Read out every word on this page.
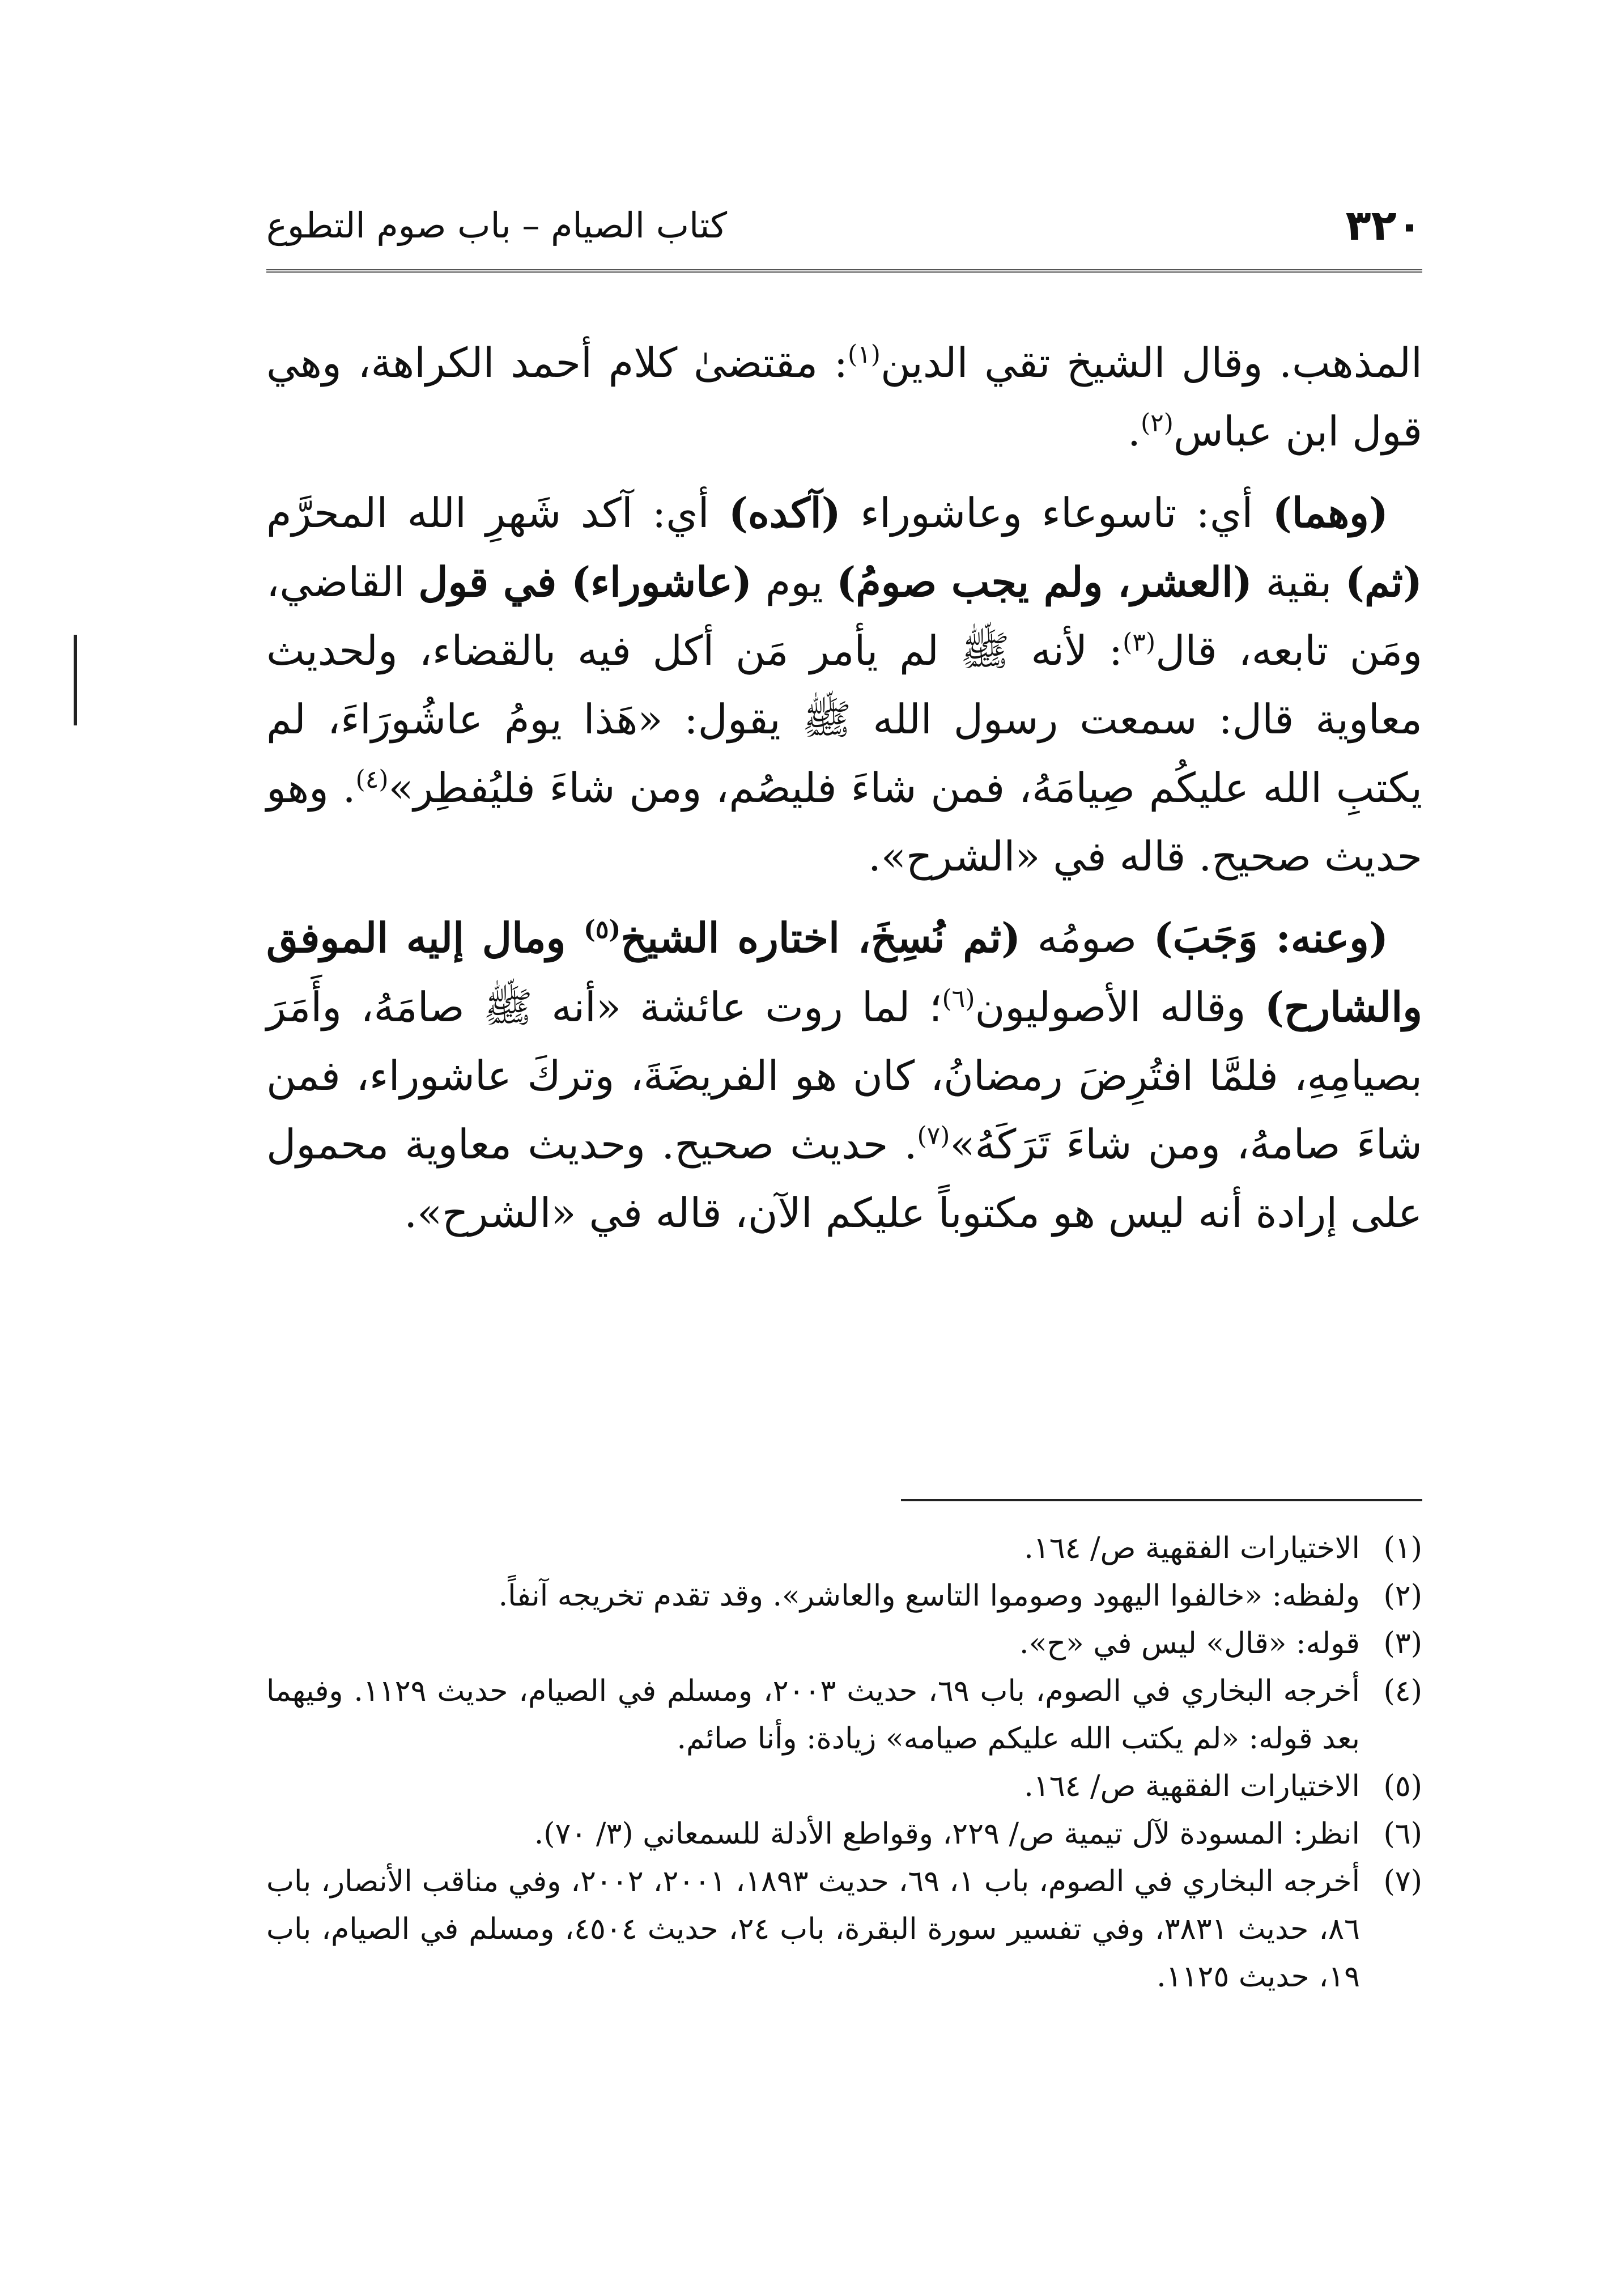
٣٢٠
كتاب الصيام – باب صوم التطوع

المذهب. وقال الشيخ تقي الدين$^{(١)}$: مقتضىٰ كلام أحمد الكراهة، وهي قول ابن عباس$^{(٢)}$.

(وهما) أي: تاسوعاء وعاشوراء (آكده) أي: آكد شَهرِ الله المحرَّم (ثم) بقية (العشر، ولم يجب صومُ) يوم (عاشوراء) في قول القاضي، ومَن تابعه، قال$^{(٣)}$: لأنه ﷺ لم يأمر مَن أكل فيه بالقضاء، ولحديث معاوية قال: سمعت رسول الله ﷺ يقول: «هَذا يومُ عاشُورَاءَ، لم يكتبِ الله عليكُم صِيامَهُ، فمن شاءَ فليصُم، ومن شاءَ فليُفطِر»$^{(٤)}$. وهو حديث صحيح. قاله في «الشرح».

(وعنه: وَجَبَ) صومُه (ثم نُسِخَ، اختاره الشيخ$^{(٥)}$ ومال إليه الموفق والشارح) وقاله الأصوليون$^{(٦)}$؛ لما روت عائشة «أنه ﷺ صامَهُ، وأَمَرَ بصيامِهِ، فلمَّا افتُرِضَ رمضانُ، كان هو الفريضَةَ، وتركَ عاشوراء، فمن شاءَ صامهُ، ومن شاءَ تَرَكَهُ»$^{(٧)}$. حديث صحيح. وحديث معاوية محمول على إرادة أنه ليس هو مكتوباً عليكم الآن، قاله في «الشرح».

(١)
الاختيارات الفقهية ص/ ١٦٤.
(٢)
ولفظه: «خالفوا اليهود وصوموا التاسع والعاشر». وقد تقدم تخريجه آنفاً.
(٣)
قوله: «قال» ليس في «ح».
(٤)
أخرجه البخاري في الصوم، باب ٦٩، حديث ٢٠٠٣، ومسلم في الصيام، حديث ١١٢٩. وفيهما بعد قوله: «لم يكتب الله عليكم صيامه» زيادة: وأنا صائم.
(٥)
الاختيارات الفقهية ص/ ١٦٤.
(٦)
انظر: المسودة لآل تيمية ص/ ٢٢٩، وقواطع الأدلة للسمعاني (٣/ ٧٠).
(٧)
أخرجه البخاري في الصوم، باب ١، ٦٩، حديث ١٨٩٣، ٢٠٠١، ٢٠٠٢، وفي مناقب الأنصار، باب ٨٦، حديث ٣٨٣١، وفي تفسير سورة البقرة، باب ٢٤، حديث ٤٥٠٤، ومسلم في الصيام، باب ١٩، حديث ١١٢٥.
